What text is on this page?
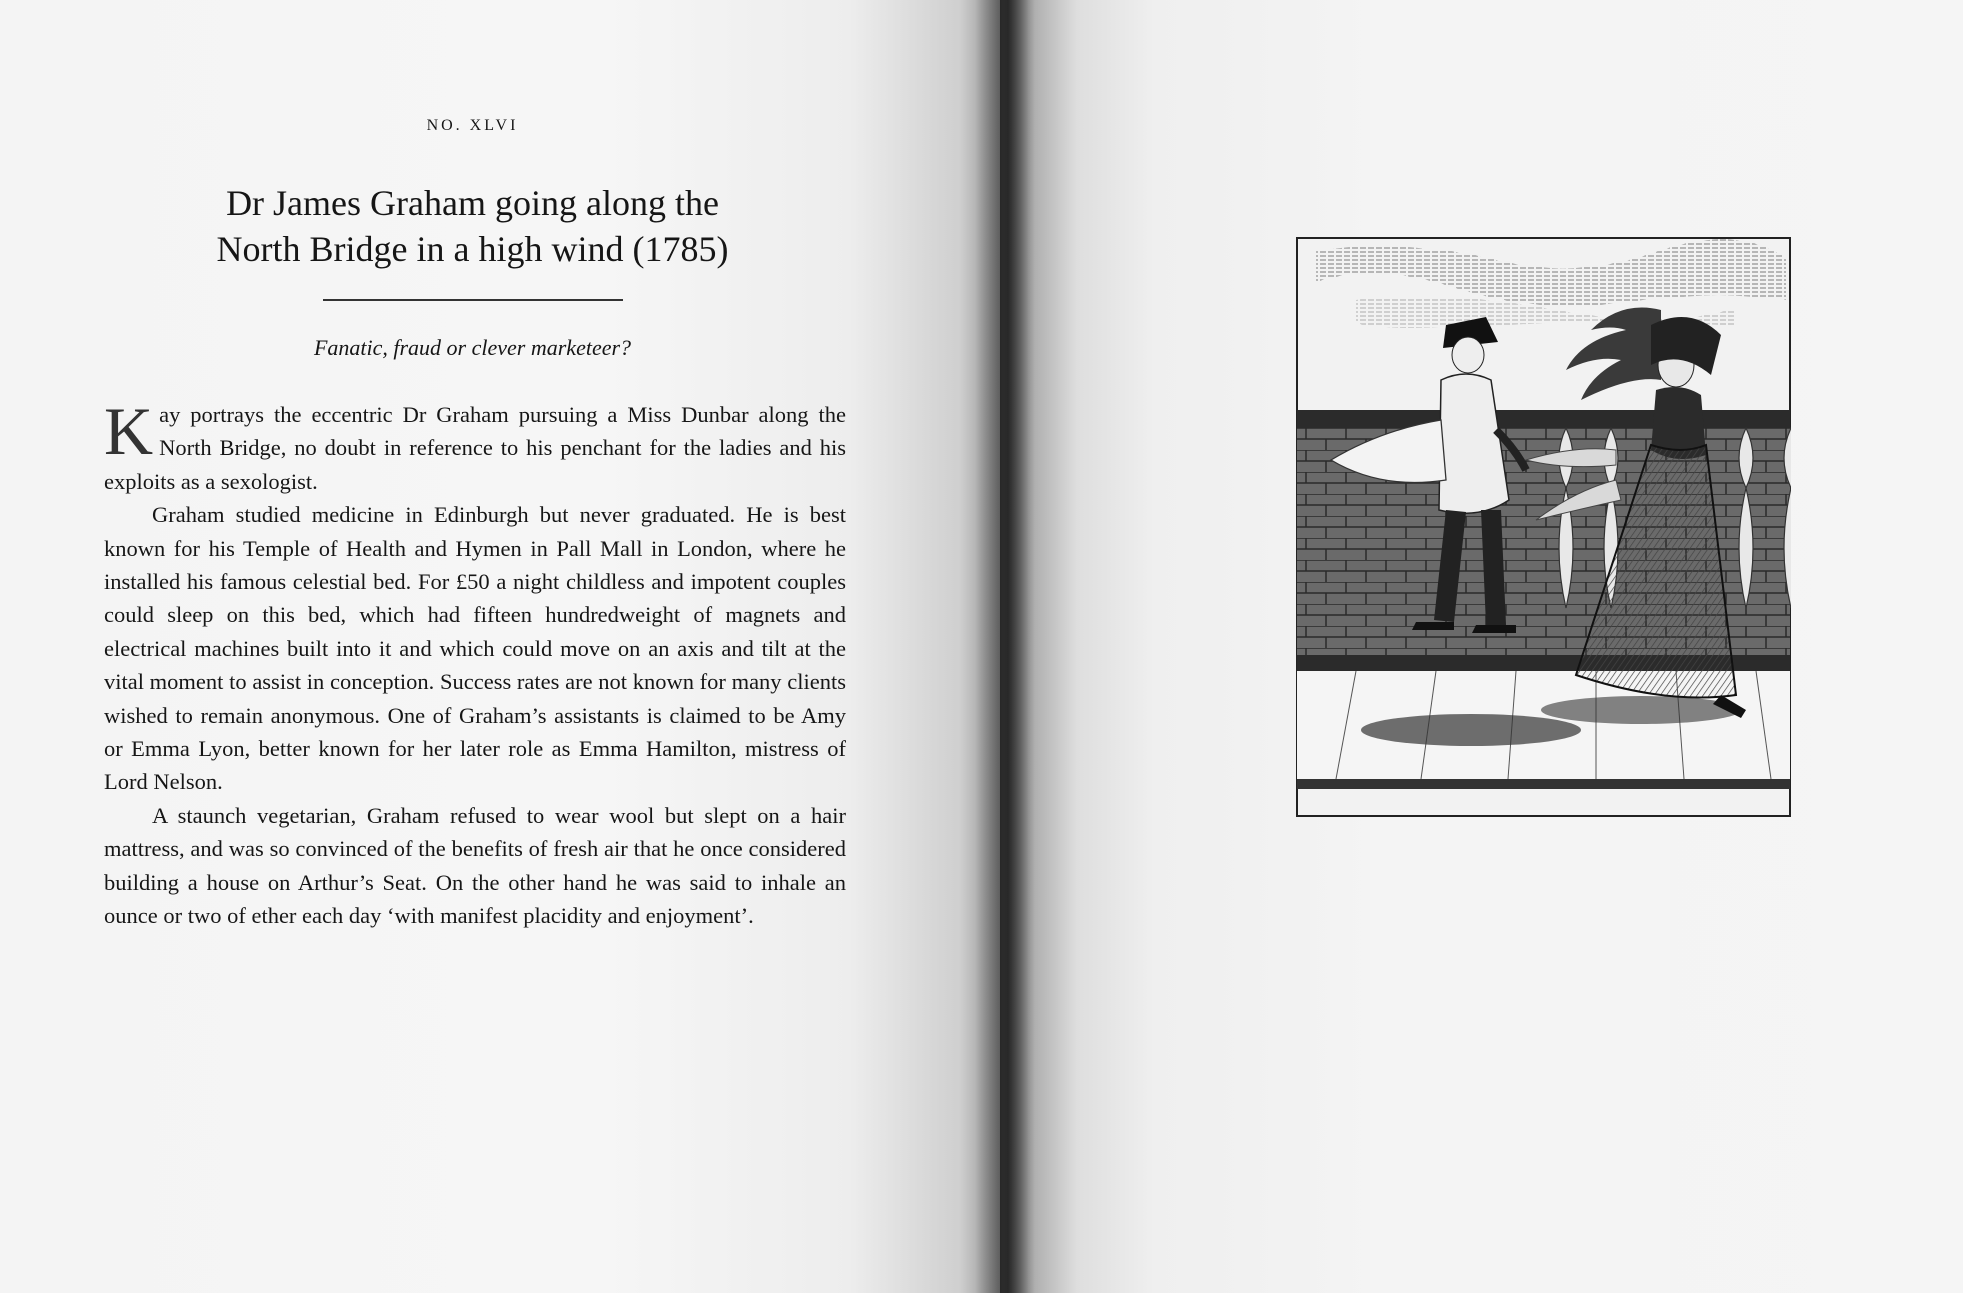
NO. XLVI
Dr James Graham going along the
North Bridge in a high wind (1785)
Fanatic, fraud or clever marketeer?

Kay portrays the eccentric Dr Graham pursuing a Miss Dunbar along the North Bridge, no doubt in reference to his penchant for the ladies and his exploits as a sexologist.

Graham studied medicine in Edinburgh but never graduated. He is best known for his Temple of Health and Hymen in Pall Mall in London, where he installed his famous celestial bed. For £50 a night childless and impotent couples could sleep on this bed, which had fifteen hundredweight of magnets and electrical machines built into it and which could move on an axis and tilt at the vital moment to assist in conception. Success rates are not known for many clients wished to remain anonymous. One of Graham’s assistants is claimed to be Amy or Emma Lyon, better known for her later role as Emma Hamilton, mistress of Lord Nelson.

A staunch vegetarian, Graham refused to wear wool but slept on a hair mattress, and was so convinced of the benefits of fresh air that he once considered building a house on Arthur’s Seat. On the other hand he was said to inhale an ounce or two of ether each day ‘with manifest placidity and enjoyment’.
